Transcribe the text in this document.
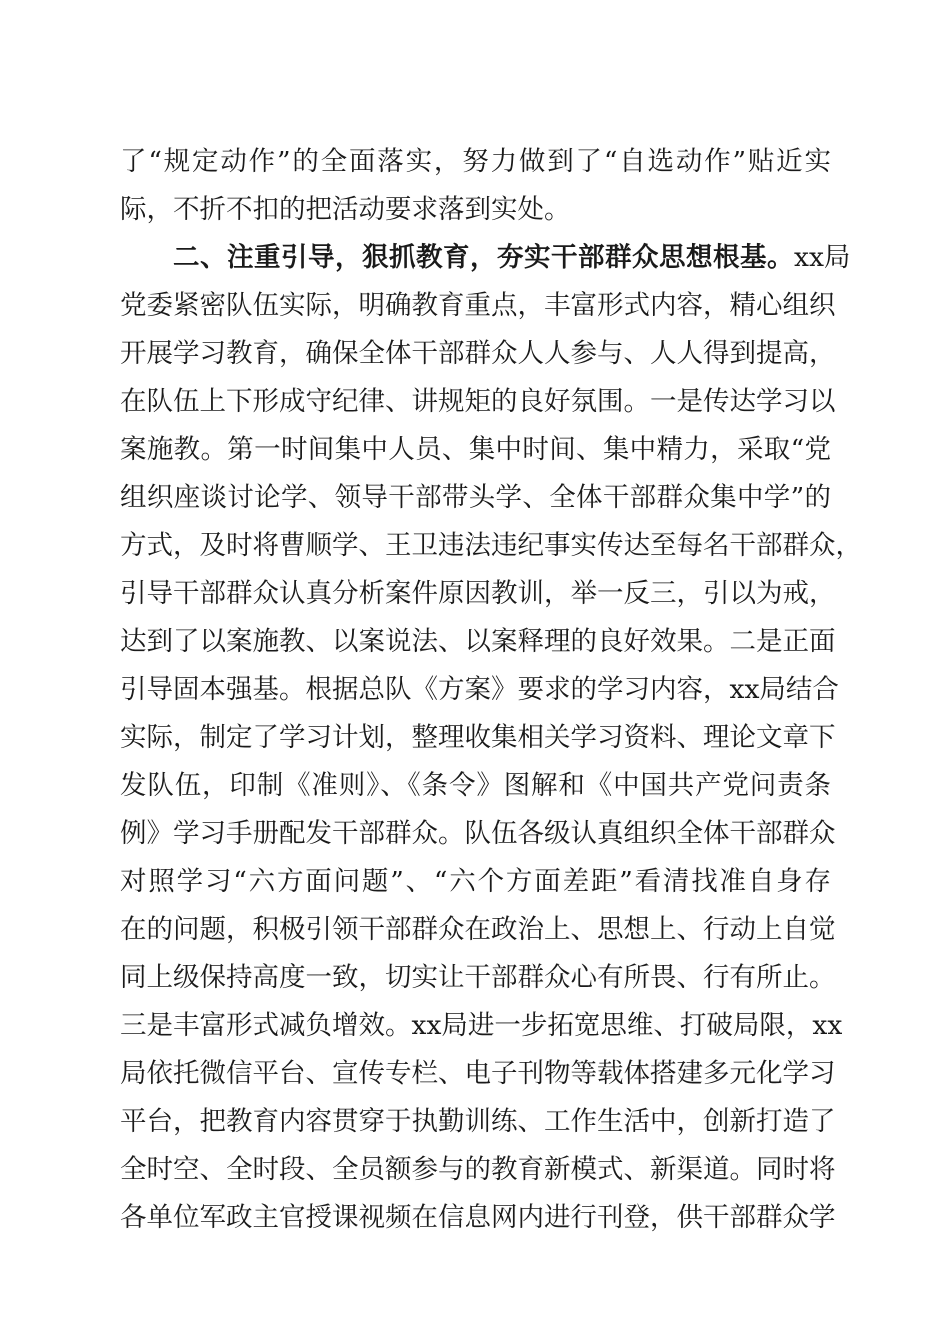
了“规定动作”的全面落实，努力做到了“自选动作”贴近实
际，不折不扣的把活动要求落到实处。
二、注重引导，狠抓教育，夯实干部群众思想根基。xx局
党委紧密队伍实际，明确教育重点，丰富形式内容，精心组织
开展学习教育，确保全体干部群众人人参与、人人得到提高，
在队伍上下形成守纪律、讲规矩的良好氛围。一是传达学习以
案施教。第一时间集中人员、集中时间、集中精力，采取“党
组织座谈讨论学、领导干部带头学、全体干部群众集中学”的
方式，及时将曹顺学、王卫违法违纪事实传达至每名干部群众，
引导干部群众认真分析案件原因教训，举一反三，引以为戒，
达到了以案施教、以案说法、以案释理的良好效果。二是正面
引导固本强基。根据总队《方案》要求的学习内容，xx局结合
实际，制定了学习计划，整理收集相关学习资料、理论文章下
发队伍，印制《准则》、《条令》图解和《中国共产党问责条
例》学习手册配发干部群众。队伍各级认真组织全体干部群众
对照学习“六方面问题”、“六个方面差距”看清找准自身存
在的问题，积极引领干部群众在政治上、思想上、行动上自觉
同上级保持高度一致，切实让干部群众心有所畏、行有所止。
三是丰富形式减负增效。xx局进一步拓宽思维、打破局限，xx
局依托微信平台、宣传专栏、电子刊物等载体搭建多元化学习
平台，把教育内容贯穿于执勤训练、工作生活中，创新打造了
全时空、全时段、全员额参与的教育新模式、新渠道。同时将
各单位军政主官授课视频在信息网内进行刊登，供干部群众学
